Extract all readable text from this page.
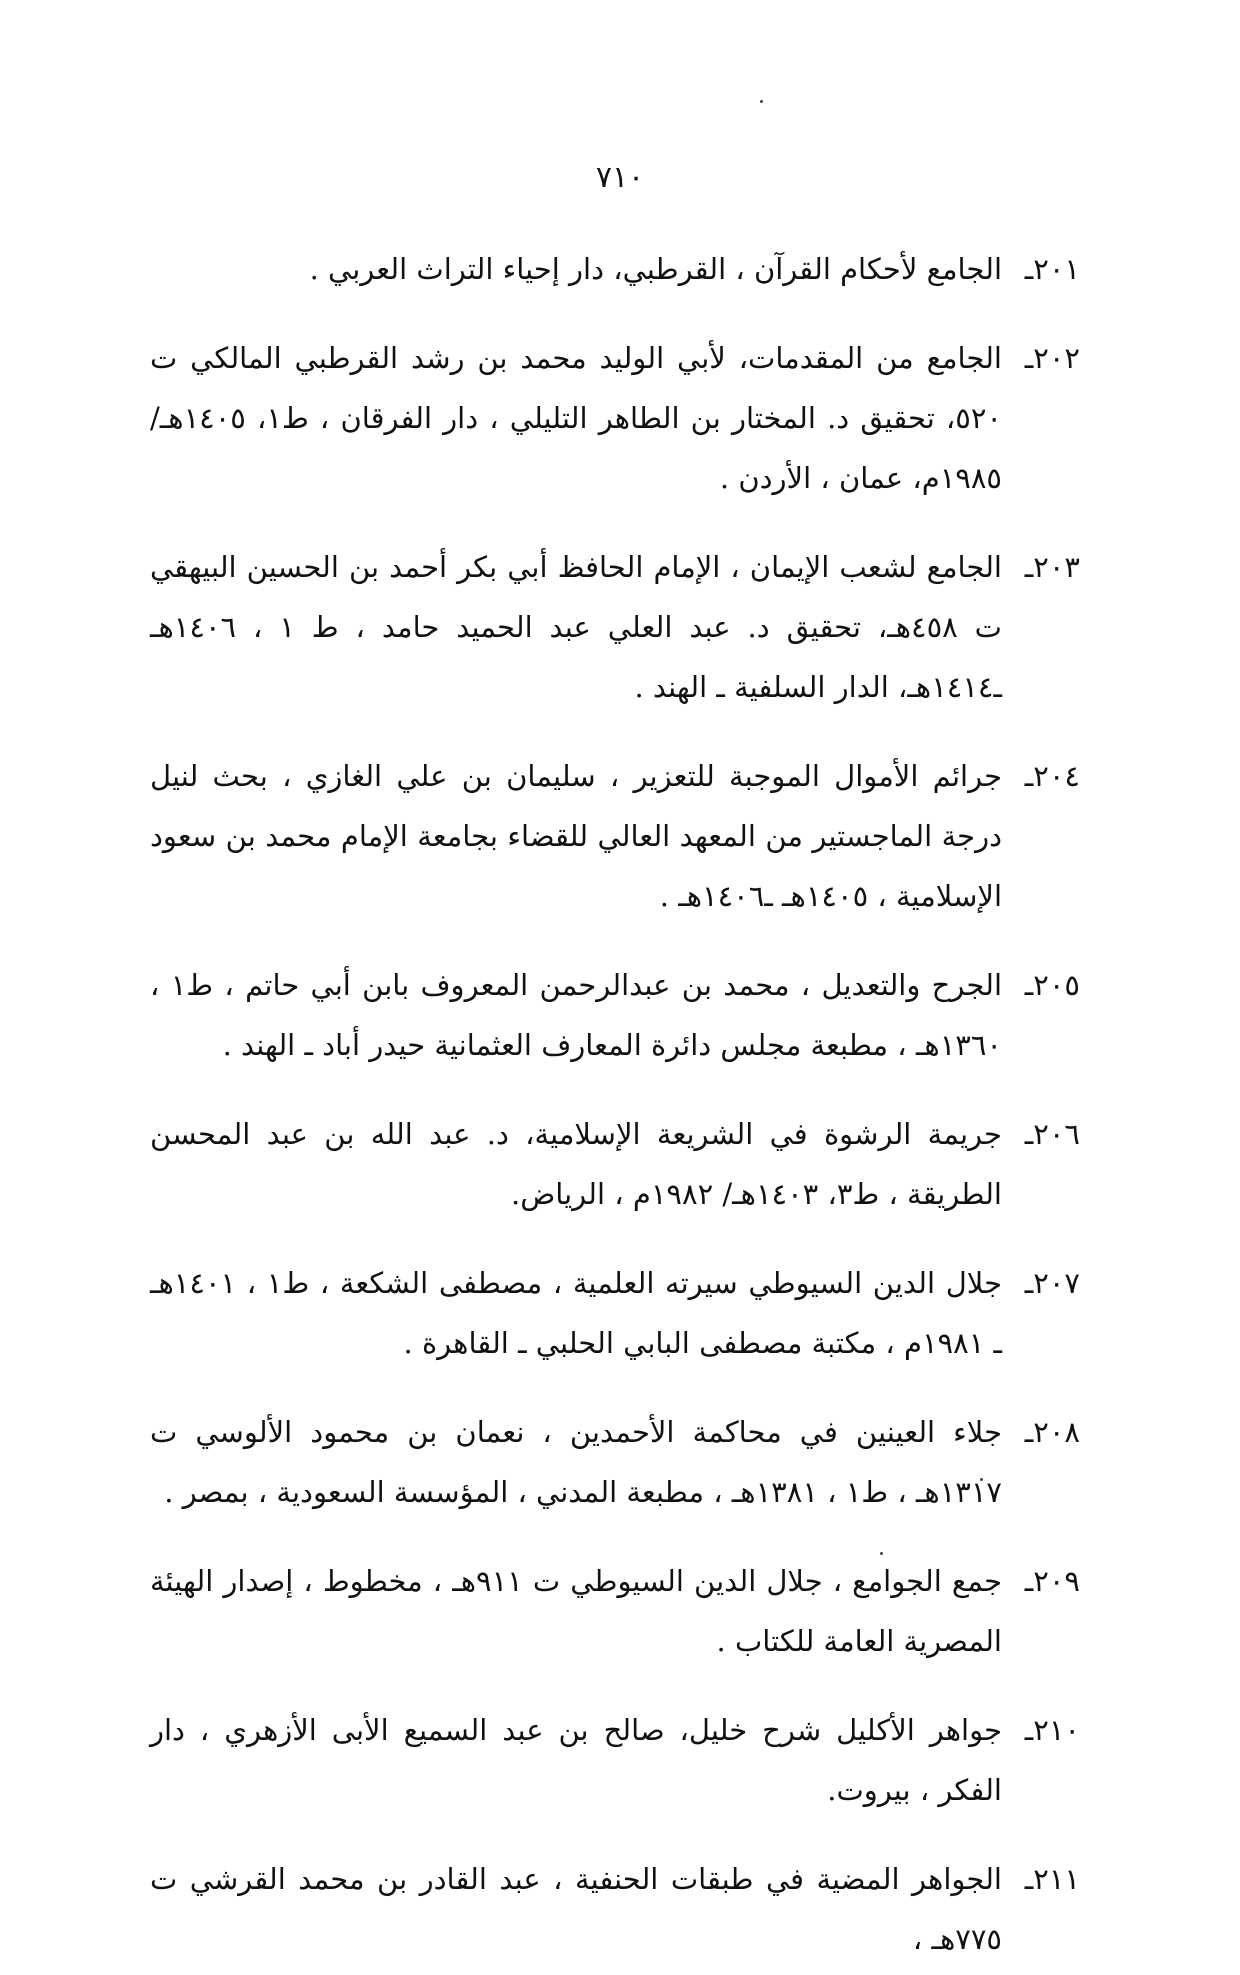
٧١٠

٢٠١ـالجامع لأحكام القرآن ، القرطبي، دار إحياء التراث العربي .

٢٠٢ـالجامع من المقدمات، لأبي الوليد محمد بن رشد القرطبي المالكي ت ٥٢٠، تحقيق د. المختار بن الطاهر التليلي ، دار الفرقان ، ط١، ١٤٠٥هـ/ ١٩٨٥م، عمان ، الأردن .

٢٠٣ـالجامع لشعب الإيمان ، الإمام الحافظ أبي بكر أحمد بن الحسين البيهقي ت ٤٥٨هـ، تحقيق د. عبد العلي عبد الحميد حامد ، ط ١ ، ١٤٠٦هـ ـ١٤١٤هـ، الدار السلفية ـ الهند .

٢٠٤ـجرائم الأموال الموجبة للتعزير ، سليمان بن علي الغازي ، بحث لنيل درجة الماجستير من المعهد العالي للقضاء بجامعة الإمام محمد بن سعود الإسلامية ، ١٤٠٥هـ ـ١٤٠٦هـ .

٢٠٥ـالجرح والتعديل ، محمد بن عبدالرحمن المعروف بابن أبي حاتم ، ط١ ، ١٣٦٠هـ ، مطبعة مجلس دائرة المعارف العثمانية حيدر أباد ـ الهند .

٢٠٦ـجريمة الرشوة في الشريعة الإسلامية، د. عبد الله بن عبد المحسن الطريقة ، ط٣، ١٤٠٣هـ/ ١٩٨٢م ، الرياض.

٢٠٧ـجلال الدين السيوطي سيرته العلمية ، مصطفى الشكعة ، ط١ ، ١٤٠١هـ ـ ١٩٨١م ، مكتبة مصطفى البابي الحلبي ـ القاهرة .

٢٠٨ـجلاء العينين في محاكمة الأحمدين ، نعمان بن محمود الألوسي ت ١٣١٧هـ ، ط١ ، ١٣٨١هـ ، مطبعة المدني ، المؤسسة السعودية ، بمصر .

٢٠٩ـجمع الجوامع ، جلال الدين السيوطي ت ٩١١هـ ، مخطوط ، إصدار الهيئة المصرية العامة للكتاب .

٢١٠ـجواهر الأكليل شرح خليل، صالح بن عبد السميع الأبى الأزهري ، دار الفكر ، بيروت.

٢١١ـالجواهر المضية في طبقات الحنفية ، عبد القادر بن محمد القرشي ت ٧٧٥هـ ،
